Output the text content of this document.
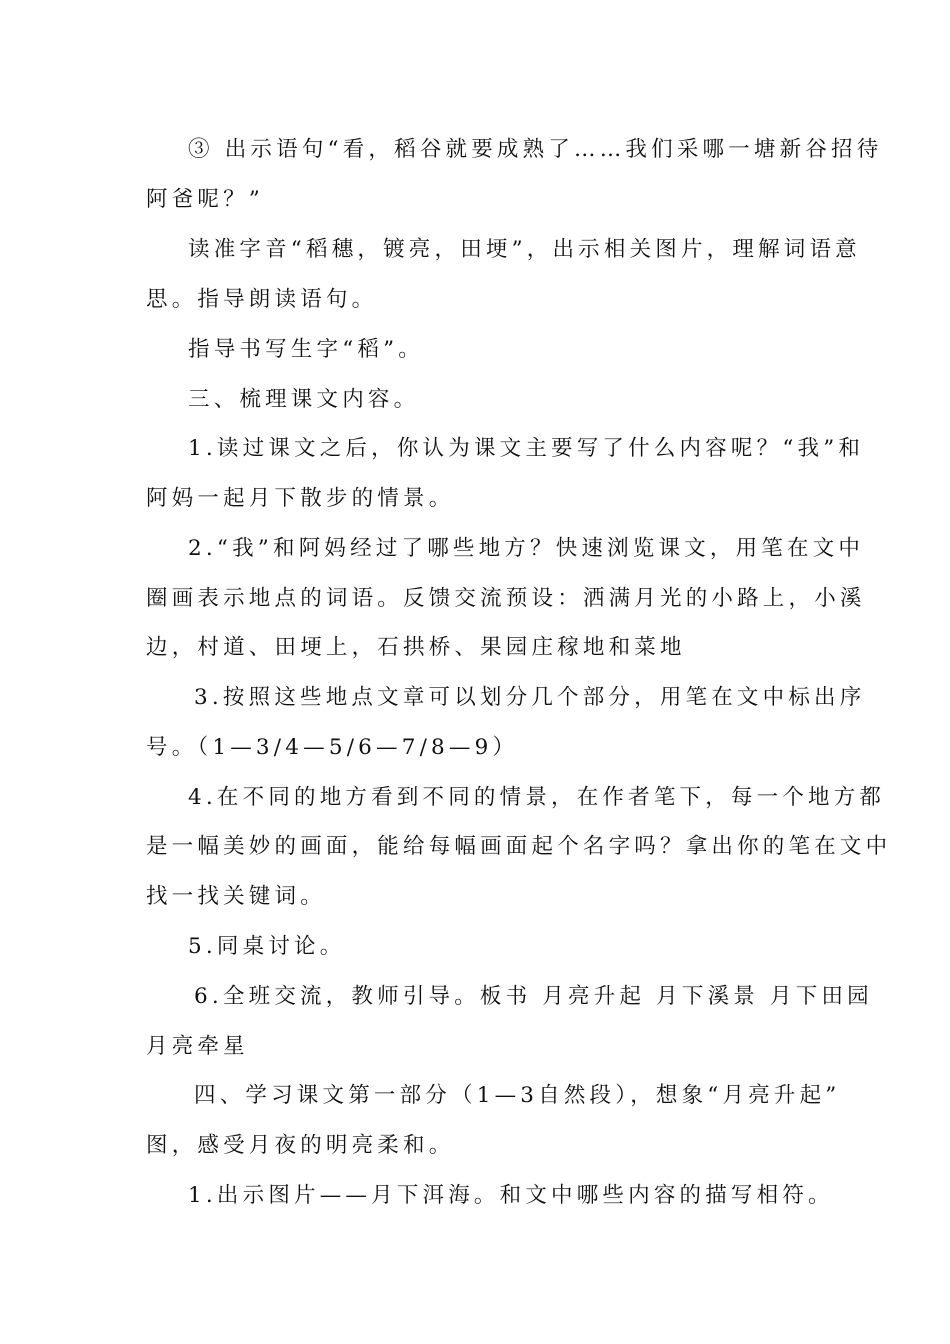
③ 出示语句“看，稻谷就要成熟了……我们采哪一塘新谷招待
阿爸呢？”
读准字音“稻穗，镀亮，田埂”，出示相关图片，理解词语意
思。指导朗读语句。
指导书写生字“稻”。
三、梳理课文内容。
1.读过课文之后，你认为课文主要写了什么内容呢？“我”和
阿妈一起月下散步的情景。
2.“我”和阿妈经过了哪些地方？快速浏览课文，用笔在文中
圈画表示地点的词语。反馈交流预设：洒满月光的小路上，小溪
边，村道、田埂上，石拱桥、果园庄稼地和菜地
3.按照这些地点文章可以划分几个部分，用笔在文中标出序
号。（1—3/4—5/6—7/8—9）
4.在不同的地方看到不同的情景，在作者笔下，每一个地方都
是一幅美妙的画面，能给每幅画面起个名字吗？拿出你的笔在文中
找一找关键词。
5.同桌讨论。
6.全班交流，教师引导。板书 月亮升起 月下溪景 月下田园
月亮牵星
四、学习课文第一部分（1—3自然段），想象“月亮升起”
图，感受月夜的明亮柔和。
1.出示图片——月下洱海。和文中哪些内容的描写相符。
